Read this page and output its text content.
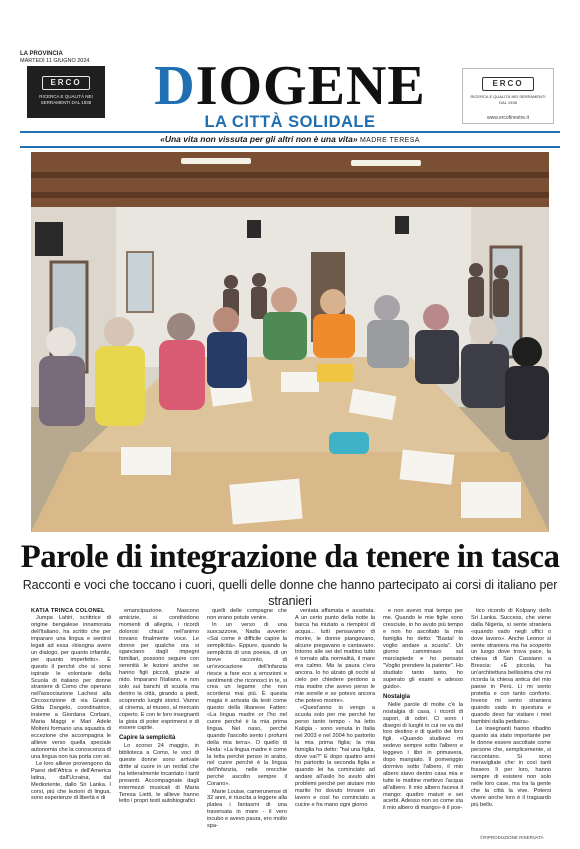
LA PROVINCIA
MARTEDÌ 11 GIUGNO 2024
ERCO
RICERCA E QUALITÀ NEI SERRAMENTI DAL 1938	DIOGENE
LA CITTÀ SOLIDALE
ERCO
RICERCA E QUALITÀ NEI SERRAMENTI DAL 1938
www.ercofinestre.it
«Una vita non vissuta per gli altri non è una vita» MADRE TERESA
Parole di integrazione da tenere in tasca
Racconti e voci che toccano i cuori, quelli delle donne che hanno partecipato ai corsi di italiano per stranieri

KATIA TRINCA COLONEL

Jumpa Lahiri, scrittrice di origine bengalese innamorata dell'italiano, ha scritto che per imparare una lingua e sentirsi legati ad essa «bisogna avere un dialogo, per quanto infantile, per quanto imperfetto». È questo il perché che si sono ispirate le volontarie della Scuola di italiano per donne straniere di Como che operano nell'associazione Lachesi alla Circoscrizione di via Grandi. Gilda Dangelo, coordinatrice, insieme a Giordana Corbani, Maria Maggi e Mari Adele Molteni formano una squadra di eccezione che accompagna le allieve verso quella speciale autonomia che la conoscenza di una lingua non tua porta con sé.

Le loro allieve provengono da Paesi dell'Africa e dell'America latina, dall'Ucraina, dal Medioriente, dallo Sri Lanka. I corsi, più che lezioni di lingua, sono esperienze di libertà e di

emancipazione. Nascono amicizie, si condividono momenti di allegria, i ricordi dolorosi chiusi nell'animo trovano finalmente voce. Le donne per qualche ora si sganciano dagli impegni familiari, possono seguire con serenità le lezioni anche se hanno figli piccoli, grazie al nido. Imparano l'italiano, e non solo sui banchi di scuola ma dentro la città, girando a piedi, scoprendo luoghi storici. Vanno al cinema, al museo, al mercato coperto. E con le loro insegnanti la gioia di poter esprimersi e di essere capite.

Capire la semplicità

Lo scorso 24 maggio, in biblioteca a Como, le voci di queste donne sono arrivate dritte al cuore in un recital che ha letteralmente incantato i tanti presenti. Accompagnate dagli intermezzi musicali di Maria Teresa Lietti, le allieve hanno letto i propri testi autobiografici

quelli delle compagne che non erano potute venire.

In un verso di una suocazzone, Nadia avverte: «Sai come è difficile capire la semplicità». Eppure, quando la semplicità di una poesia, di un breve racconto, di un'evocazione dell'infanzia riesce a fare eco a emozioni e sentimenti che riconosci in te, si crea un legame che non scorderai mai più. È questa magia è arrivata da testi come questo della libanese Fatten: «La lingua madre or l'ho nel cuore perché è la mia prima lingua. Nel naso, perché quando l'ascolto sento i profumi della mia terra». O quello di Hoda: «La lingua madre è come la tetta perché penso in arabo, nel cuore perché è la lingua dell'infanzia, nelle orecchie perché ascolto sempre il Corano».

Marie Louise, camerunense di 32 anni, è riuscita a leggere alla platea i fantasmi di una traversata in mare - il vero incubo e avevo paura, ero molto spa-

ventata affamata e assetata. A un certo punto della notte la barca ha iniziato a riempirsi di acqua... tutti pensavamo di morire, le donne piangevano, alcune pregavano e cantavano. Intorno alle sei del mattino tutto è tornato alla normalità, il mare era calmo. Ma la paura c'era ancora. Io ho alzato gli occhi al cielo per chiedere perdono a mia madre che avevo perso le mie sorelle e se potevo ancora che potevo morire».

«Quest'anno io vengo a scuola solo per me perché ho perso tanto tempo - ha letto Katigia - sono venuta in Italia nel 2003 e nel 2004 ho partorito la mia prima figlia; la mia famiglia ha detto: "hai una figlia, dove vai?" E dopo quattro anni ho partorito la seconda figlia e quando lei ha cominciato ad andare all'asilo ho avuto altri problemi perché per aiutare mio marito ho dovuto trovare un lavoro e così ho cominciato a cucire e fra mano ogni giorno

e non avevo mai tempo per me. Quando le mie figlie sono cresciute, io ho avuto più tempo e non ho ascoltato la mia famiglia ho detto: "Basta! Io voglio andare a scuola". Un giorno camminavo sul marciapiede e ho pensato "Voglio prendere la patente". Ho studiato tanto tanto, ho superato gli esami e adesso guido».

Nostalgia

Nelle parole di molte c'è la nostalgia di casa, i ricordi di sapori, di odori. Ci sono i disegni di luoghi in cui ne va del loro destino e di quello dei loro figli. «Quando studiavo mi sedevo sempre sotto l'albero e leggevo i libri in primavera, dopo mangiato. Il pomeriggio dormivo sotto l'albero, il mio albero stavo dentro casa mia e tutte le mattine mettevo l'acqua all'albero. Il mio albero faceva il mango: quattro maturi e sei acerbi. Adesso non so come sta il mio albero di mango» è il poe-

tico ricordo di Kolpany dello Sri Lanka. Success, che viene dalla Nigeria, si sente straniera «quando vado negli uffici o dove lavoro». Anche Leonor si sente straniera ma ha scoperto un luogo dove trova pace, la chiesa di San Cassiano a Brescia: «È piccola, ha un'architettura bellissima che mi ricorda la chiesa antica del mio paese in Perù. Lì mi sento protetta e con tanto conforto. Invece mi sento straniera quando vado in questura e quando devo far visitare i miei bambini dalla pediatra».

Le insegnanti hanno ribadito quanto sia stato importante per le donne essere ascoltate come persone che, semplicemente, si raccontano. Si sono meravigliate che: in così tanti fossero lì per loro, hanno sempre di esistere non solo nelle loro case, ma tra la gente che la città la vive. Potersi vivere anche loro è il traguardo più bello.

©RIPRODUZIONE RISERVATA
